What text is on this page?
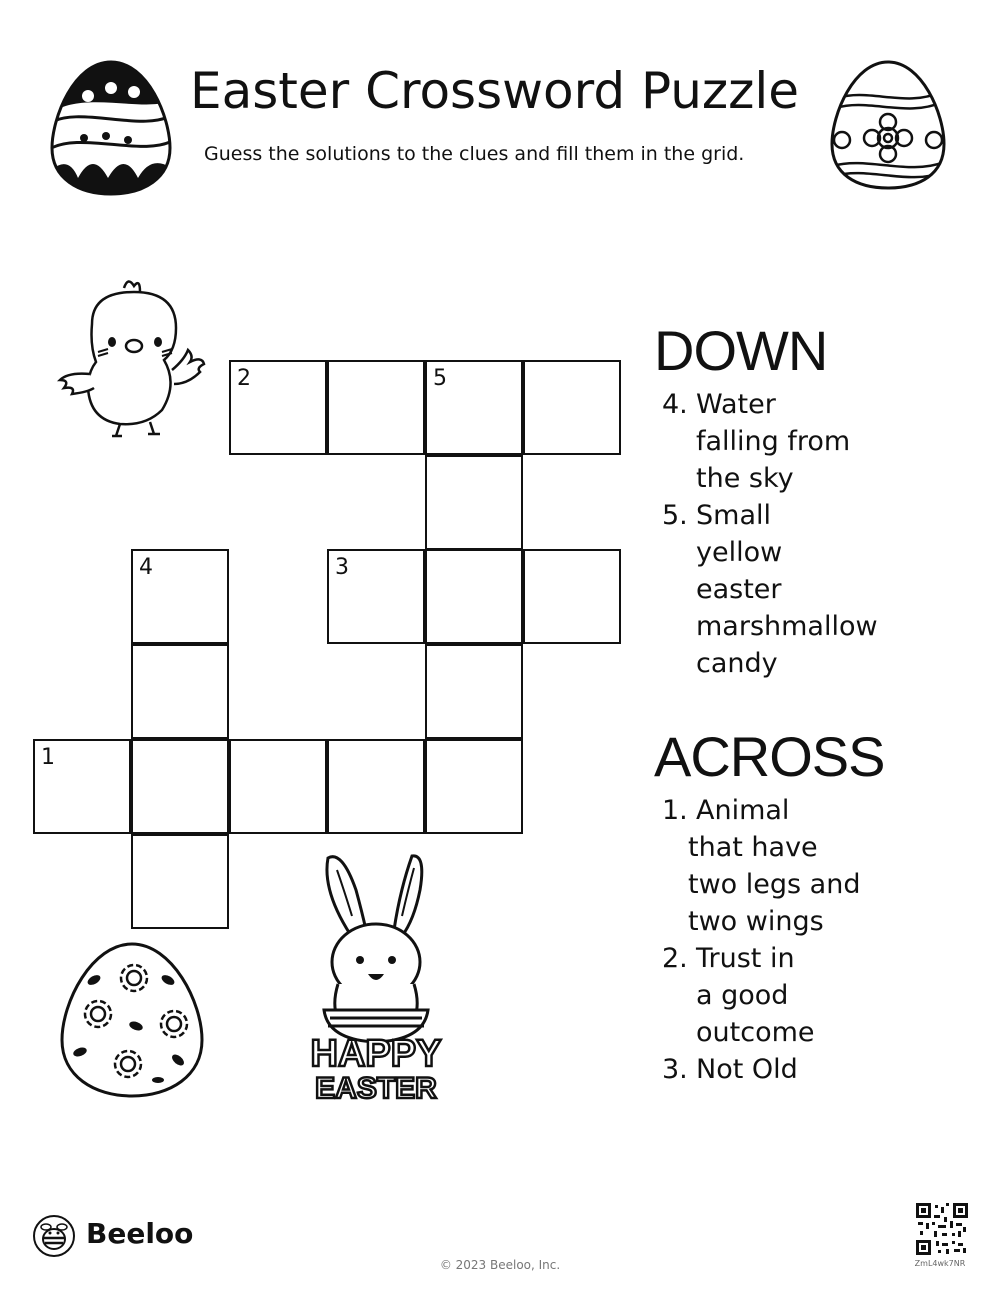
Easter Crossword Puzzle
Guess the solutions to the clues and fill them in the grid.
2	5
4	3
1
DOWN
4. Water
falling from
the sky
5. Small
yellow
easter
marshmallow
candy
ACROSS
1. Animal
that have
two legs and
two wings
2. Trust in
a good
outcome
3. Not Old
HAPPY
EASTER
Beeloo
© 2023 Beeloo, Inc.	ZmL4wk7NR
